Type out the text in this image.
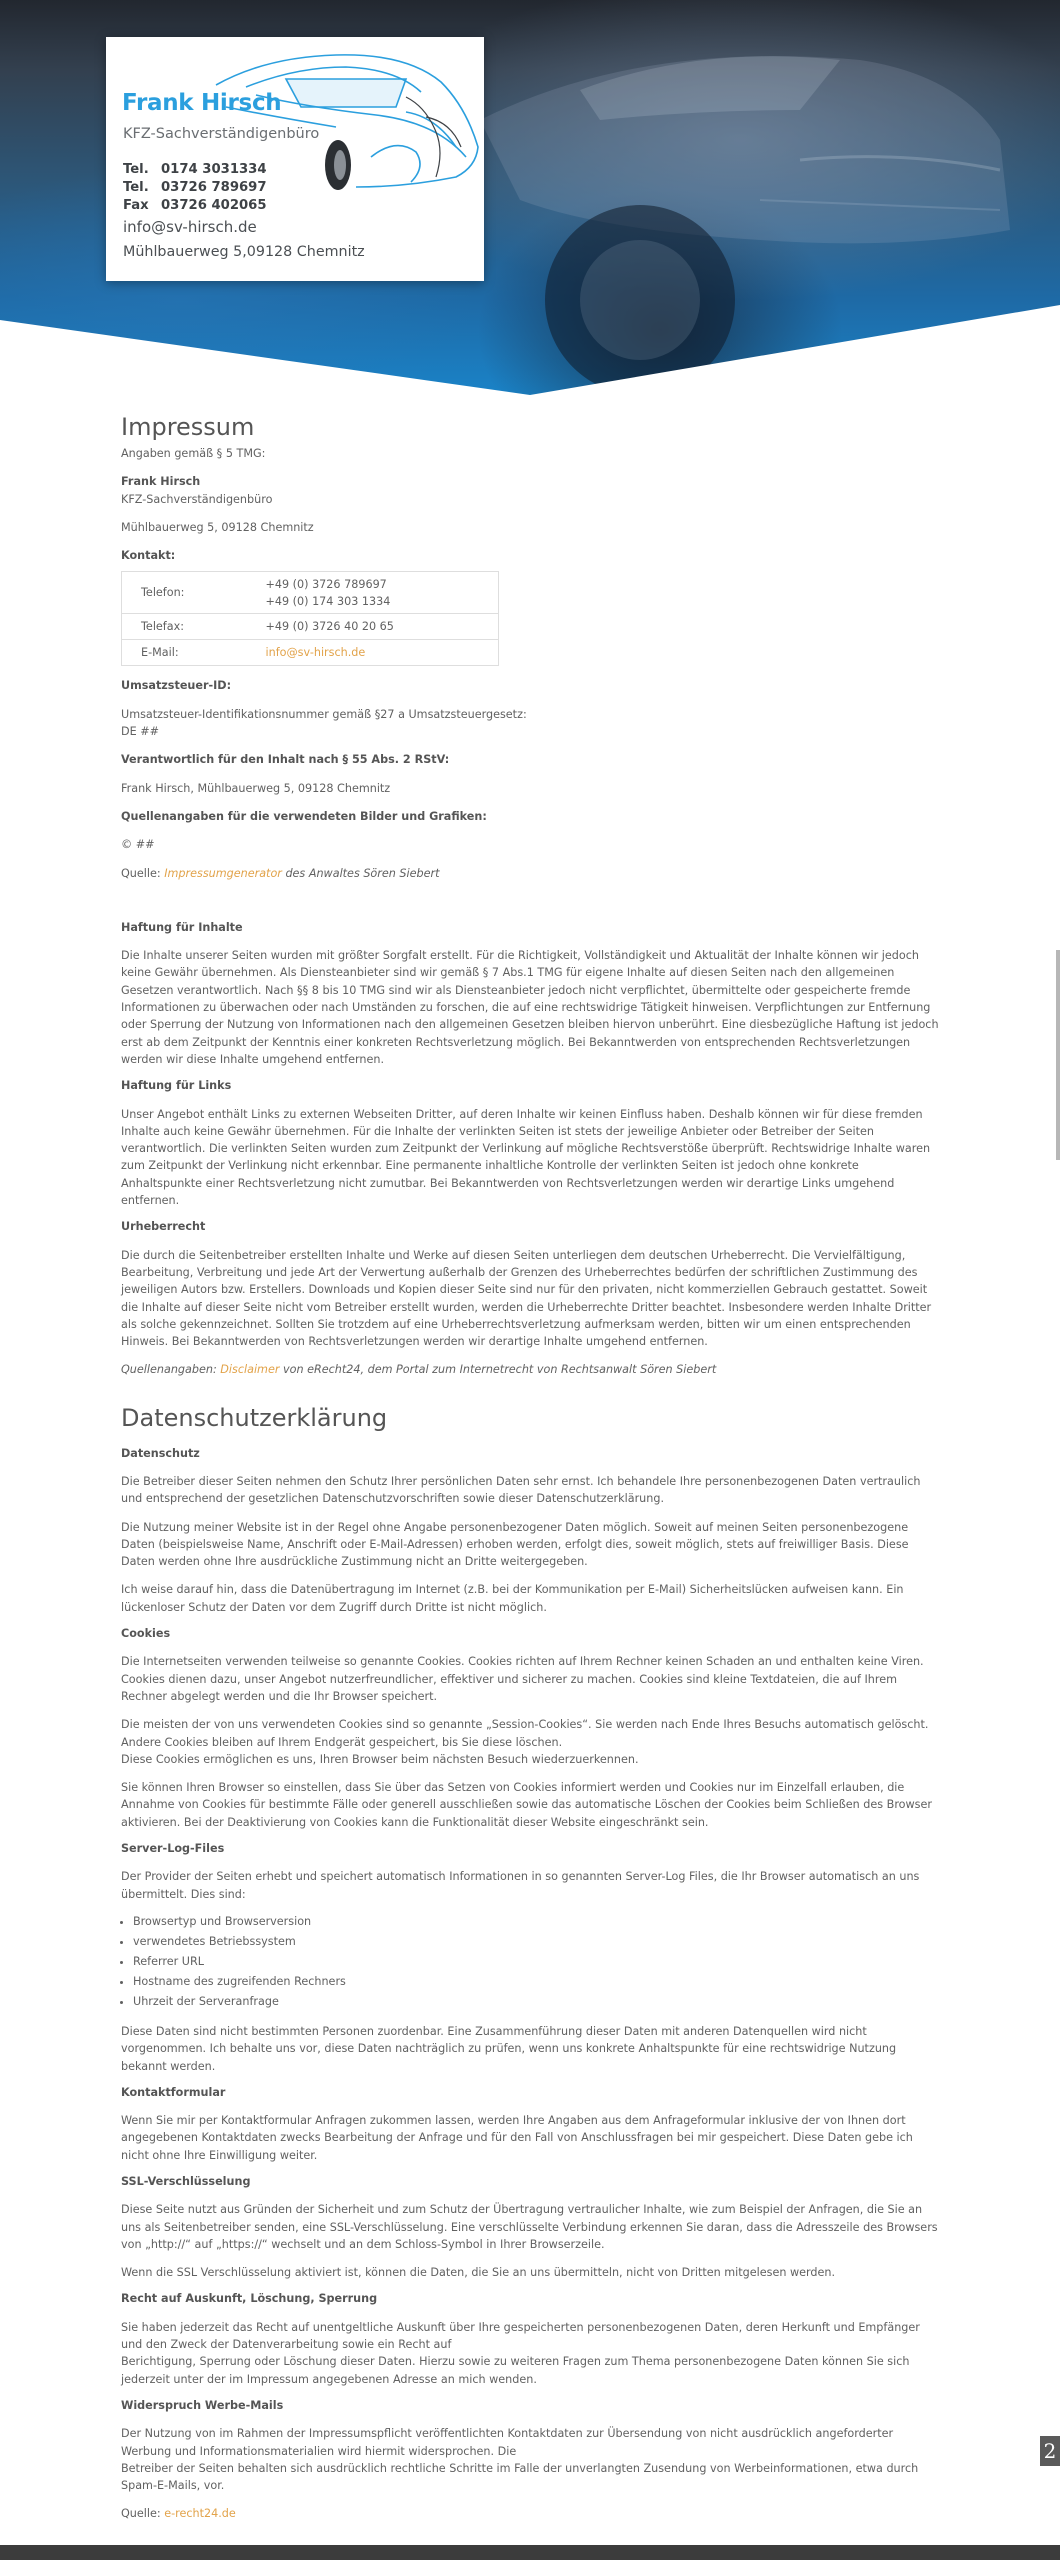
Frank Hirsch
KFZ-Sachverständigenbüro
Tel. 0174 3031334
Tel. 03726 789697
Fax 03726 402065
info@sv-hirsch.de
Mühlbauerweg 5,09128 Chemnitz
Impressum

Angaben gemäß § 5 TMG:

Frank Hirsch

KFZ-Sachverständigenbüro

Mühlbauerweg 5, 09128 Chemnitz

Kontakt:
Telefon:	+49 (0) 3726 789697
+49 (0) 174 303 1334
Telefax:	+49 (0) 3726 40 20 65
E-Mail:	info@sv-hirsch.de
Umsatzsteuer-ID:

Umsatzsteuer-Identifikationsnummer gemäß §27 a Umsatzsteuergesetz:

DE ##

Verantwortlich für den Inhalt nach § 55 Abs. 2 RStV:

Frank Hirsch, Mühlbauerweg 5, 09128 Chemnitz

Quellenangaben für die verwendeten Bilder und Grafiken:

© ##

Quelle: Impressumgenerator des Anwaltes Sören Siebert

Haftung für Inhalte

Die Inhalte unserer Seiten wurden mit größter Sorgfalt erstellt. Für die Richtigkeit, Vollständigkeit und Aktualität der Inhalte können wir jedoch keine Gewähr übernehmen. Als Diensteanbieter sind wir gemäß § 7 Abs.1 TMG für eigene Inhalte auf diesen Seiten nach den allgemeinen Gesetzen verantwortlich. Nach §§ 8 bis 10 TMG sind wir als Diensteanbieter jedoch nicht verpflichtet, übermittelte oder gespeicherte fremde Informationen zu überwachen oder nach Umständen zu forschen, die auf eine rechtswidrige Tätigkeit hinweisen. Verpflichtungen zur Entfernung oder Sperrung der Nutzung von Informationen nach den allgemeinen Gesetzen bleiben hiervon unberührt. Eine diesbezügliche Haftung ist jedoch erst ab dem Zeitpunkt der Kenntnis einer konkreten Rechtsverletzung möglich. Bei Bekanntwerden von entsprechenden Rechtsverletzungen werden wir diese Inhalte umgehend entfernen.

Haftung für Links

Unser Angebot enthält Links zu externen Webseiten Dritter, auf deren Inhalte wir keinen Einfluss haben. Deshalb können wir für diese fremden Inhalte auch keine Gewähr übernehmen. Für die Inhalte der verlinkten Seiten ist stets der jeweilige Anbieter oder Betreiber der Seiten verantwortlich. Die verlinkten Seiten wurden zum Zeitpunkt der Verlinkung auf mögliche Rechtsverstöße überprüft. Rechtswidrige Inhalte waren zum Zeitpunkt der Verlinkung nicht erkennbar. Eine permanente inhaltliche Kontrolle der verlinkten Seiten ist jedoch ohne konkrete Anhaltspunkte einer Rechtsverletzung nicht zumutbar. Bei Bekanntwerden von Rechtsverletzungen werden wir derartige Links umgehend entfernen.

Urheberrecht

Die durch die Seitenbetreiber erstellten Inhalte und Werke auf diesen Seiten unterliegen dem deutschen Urheberrecht. Die Vervielfältigung, Bearbeitung, Verbreitung und jede Art der Verwertung außerhalb der Grenzen des Urheberrechtes bedürfen der schriftlichen Zustimmung des jeweiligen Autors bzw. Erstellers. Downloads und Kopien dieser Seite sind nur für den privaten, nicht kommerziellen Gebrauch gestattet. Soweit die Inhalte auf dieser Seite nicht vom Betreiber erstellt wurden, werden die Urheberrechte Dritter beachtet. Insbesondere werden Inhalte Dritter als solche gekennzeichnet. Sollten Sie trotzdem auf eine Urheberrechtsverletzung aufmerksam werden, bitten wir um einen entsprechenden Hinweis. Bei Bekanntwerden von Rechtsverletzungen werden wir derartige Inhalte umgehend entfernen.

Quellenangaben: Disclaimer von eRecht24, dem Portal zum Internetrecht von Rechtsanwalt Sören Siebert

Datenschutzerklärung
Datenschutz

Die Betreiber dieser Seiten nehmen den Schutz Ihrer persönlichen Daten sehr ernst. Ich behandele Ihre personenbezogenen Daten vertraulich und entsprechend der gesetzlichen Datenschutzvorschriften sowie dieser Datenschutzerklärung.

Die Nutzung meiner Website ist in der Regel ohne Angabe personenbezogener Daten möglich. Soweit auf meinen Seiten personenbezogene Daten (beispielsweise Name, Anschrift oder E-Mail-Adressen) erhoben werden, erfolgt dies, soweit möglich, stets auf freiwilliger Basis. Diese Daten werden ohne Ihre ausdrückliche Zustimmung nicht an Dritte weitergegeben.

Ich weise darauf hin, dass die Datenübertragung im Internet (z.B. bei der Kommunikation per E-Mail) Sicherheitslücken aufweisen kann. Ein lückenloser Schutz der Daten vor dem Zugriff durch Dritte ist nicht möglich.

Cookies

Die Internetseiten verwenden teilweise so genannte Cookies. Cookies richten auf Ihrem Rechner keinen Schaden an und enthalten keine Viren. Cookies dienen dazu, unser Angebot nutzerfreundlicher, effektiver und sicherer zu machen. Cookies sind kleine Textdateien, die auf Ihrem Rechner abgelegt werden und die Ihr Browser speichert.

Die meisten der von uns verwendeten Cookies sind so genannte „Session-Cookies“. Sie werden nach Ende Ihres Besuchs automatisch gelöscht. Andere Cookies bleiben auf Ihrem Endgerät gespeichert, bis Sie diese löschen.
Diese Cookies ermöglichen es uns, Ihren Browser beim nächsten Besuch wiederzuerkennen.

Sie können Ihren Browser so einstellen, dass Sie über das Setzen von Cookies informiert werden und Cookies nur im Einzelfall erlauben, die Annahme von Cookies für bestimmte Fälle oder generell ausschließen sowie das automatische Löschen der Cookies beim Schließen des Browser aktivieren. Bei der Deaktivierung von Cookies kann die Funktionalität dieser Website eingeschränkt sein.

Server-Log-Files

Der Provider der Seiten erhebt und speichert automatisch Informationen in so genannten Server-Log Files, die Ihr Browser automatisch an uns übermittelt. Dies sind:

• Browsertyp und Browserversion
• verwendetes Betriebssystem
• Referrer URL
• Hostname des zugreifenden Rechners
• Uhrzeit der Serveranfrage

Diese Daten sind nicht bestimmten Personen zuordenbar. Eine Zusammenführung dieser Daten mit anderen Datenquellen wird nicht vorgenommen. Ich behalte uns vor, diese Daten nachträglich zu prüfen, wenn uns konkrete Anhaltspunkte für eine rechtswidrige Nutzung bekannt werden.

Kontaktformular

Wenn Sie mir per Kontaktformular Anfragen zukommen lassen, werden Ihre Angaben aus dem Anfrageformular inklusive der von Ihnen dort angegebenen Kontaktdaten zwecks Bearbeitung der Anfrage und für den Fall von Anschlussfragen bei mir gespeichert. Diese Daten gebe ich nicht ohne Ihre Einwilligung weiter.

SSL-Verschlüsselung

Diese Seite nutzt aus Gründen der Sicherheit und zum Schutz der Übertragung vertraulicher Inhalte, wie zum Beispiel der Anfragen, die Sie an uns als Seitenbetreiber senden, eine SSL-Verschlüsselung. Eine verschlüsselte Verbindung erkennen Sie daran, dass die Adresszeile des Browsers von „http://“ auf „https://“ wechselt und an dem Schloss-Symbol in Ihrer Browserzeile.

Wenn die SSL Verschlüsselung aktiviert ist, können die Daten, die Sie an uns übermitteln, nicht von Dritten mitgelesen werden.

Recht auf Auskunft, Löschung, Sperrung

Sie haben jederzeit das Recht auf unentgeltliche Auskunft über Ihre gespeicherten personenbezogenen Daten, deren Herkunft und Empfänger und den Zweck der Datenverarbeitung sowie ein Recht auf
Berichtigung, Sperrung oder Löschung dieser Daten. Hierzu sowie zu weiteren Fragen zum Thema personenbezogene Daten können Sie sich jederzeit unter der im Impressum angegebenen Adresse an mich wenden.

Widerspruch Werbe-Mails

Der Nutzung von im Rahmen der Impressumspflicht veröffentlichten Kontaktdaten zur Übersendung von nicht ausdrücklich angeforderter Werbung und Informationsmaterialien wird hiermit widersprochen. Die
Betreiber der Seiten behalten sich ausdrücklich rechtliche Schritte im Falle der unverlangten Zusendung von Werbeinformationen, etwa durch Spam-E-Mails, vor.

Quelle: e-recht24.de

2
